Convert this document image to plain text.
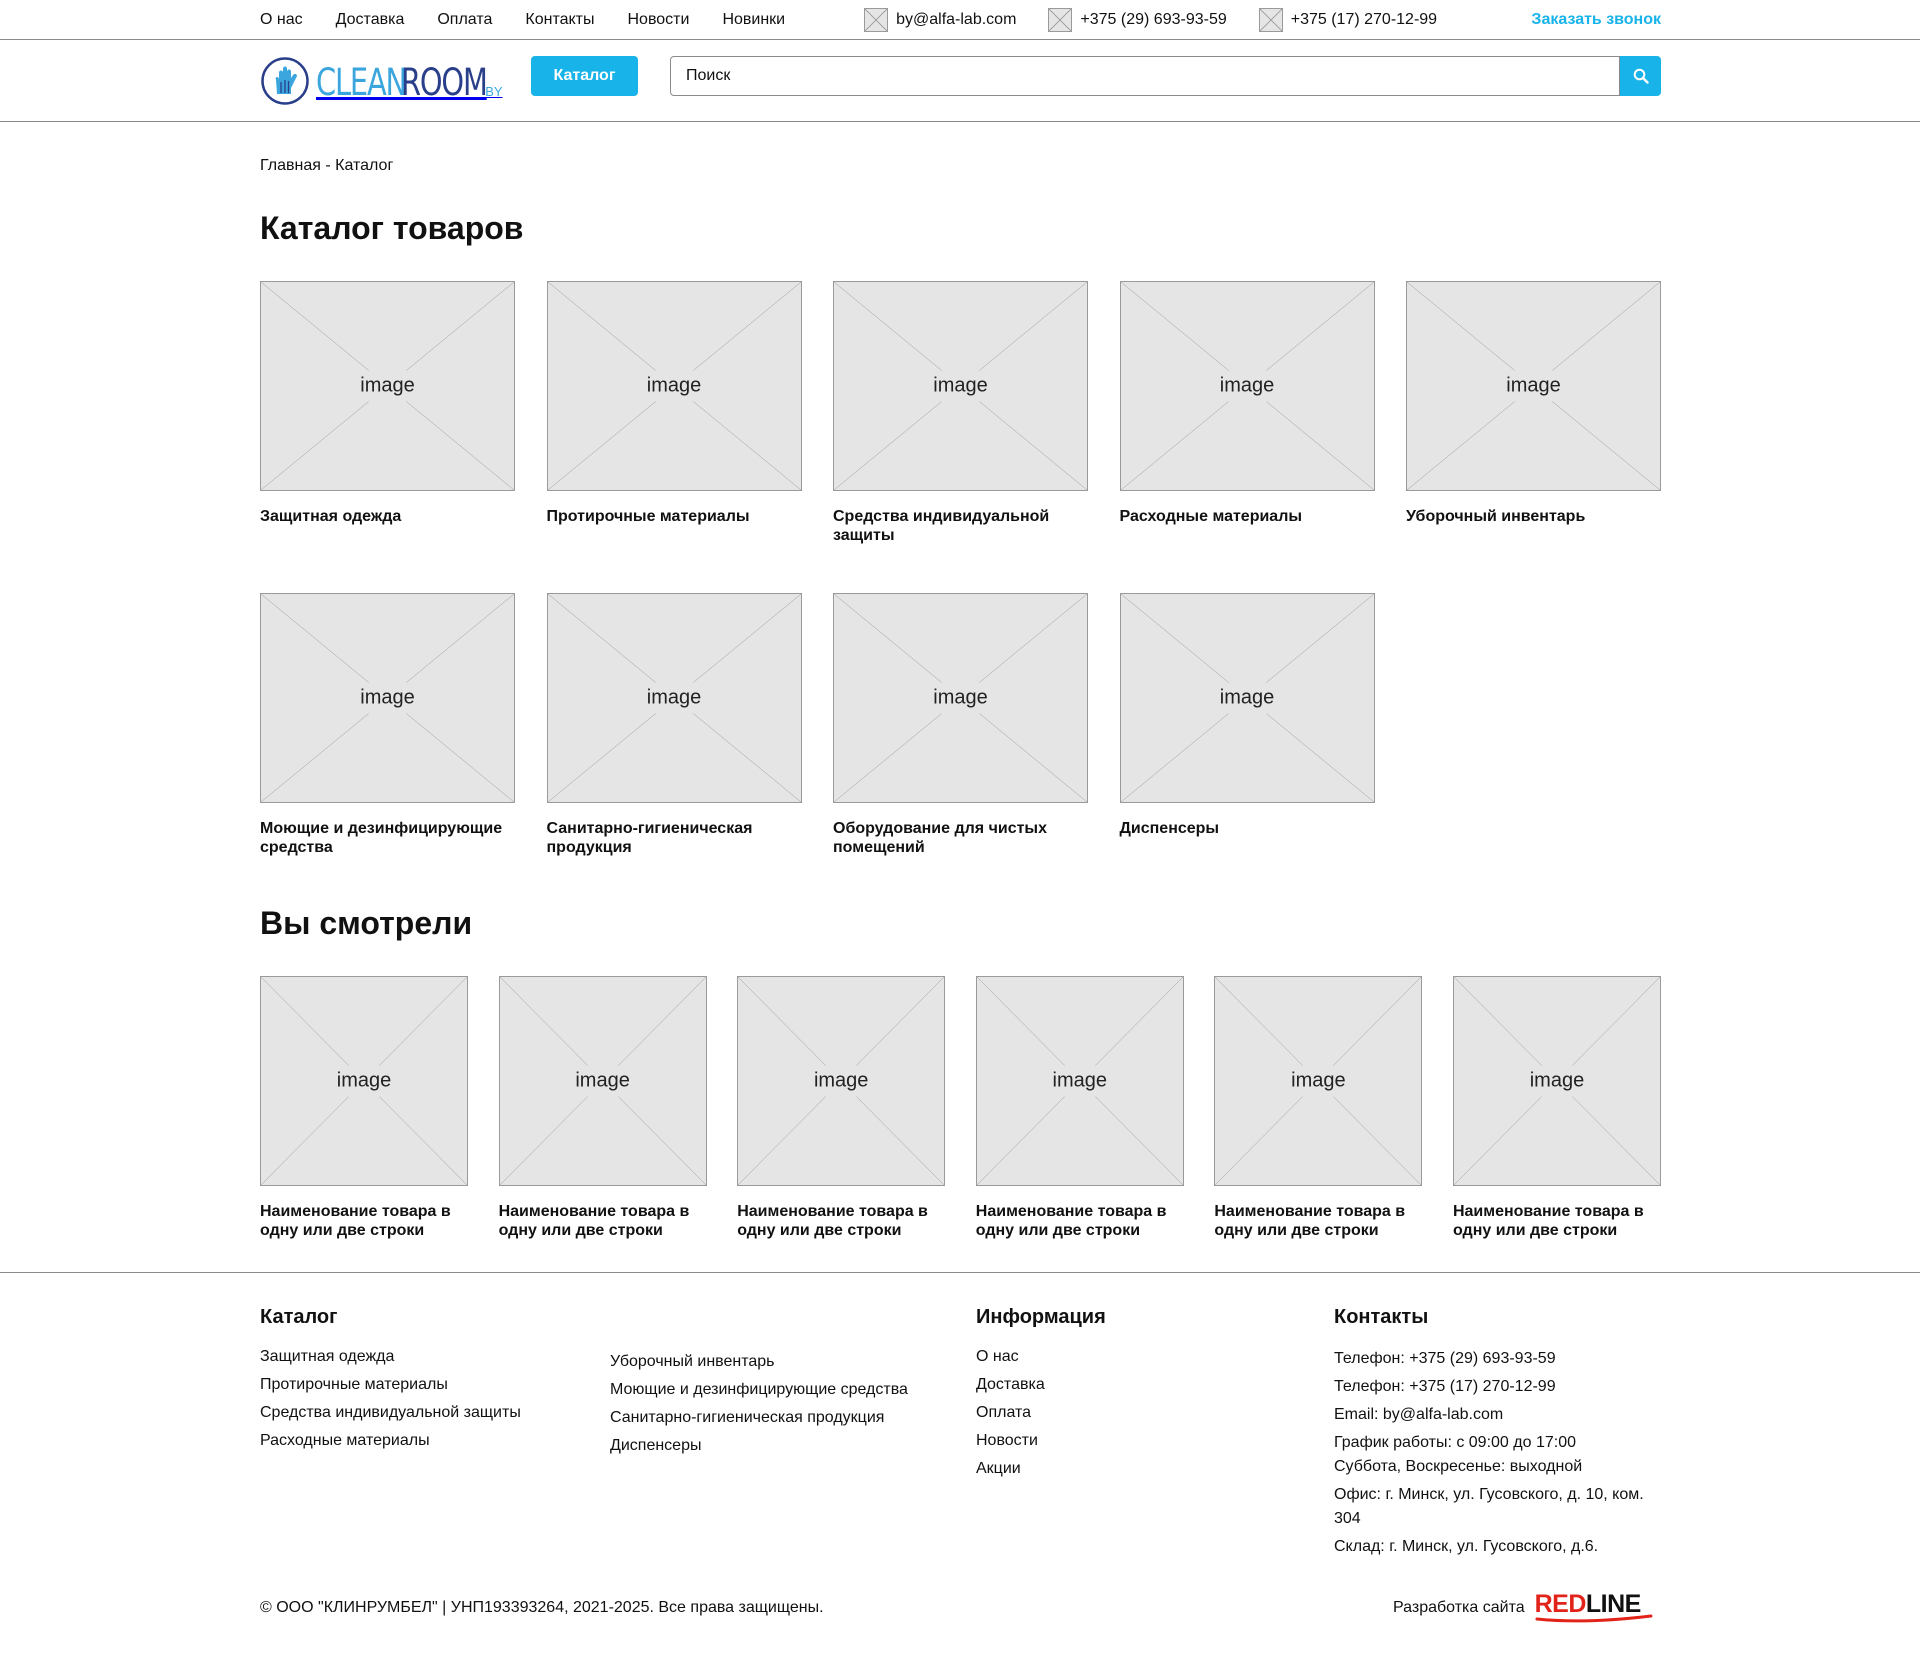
О нас Доставка Оплата Контакты Новости Новинки	by@alfa-lab.com	+375 (29) 693-93-59	+375 (17) 270-12-99	Заказать звонок
CLEAN
ROOM
BY
Каталог
Поиск
Главная - Каталог
Каталог товаров
image
Защитная одежда
image
Протирочные материалы
image
Средства индивидуальной защиты
image
Расходные материалы
image
Уборочный инвентарь
image
Моющие и дезинфицирующие средства
image
Санитарно-гигиеническая продукция
image
Оборудование для чистых помещений
image
Диспенсеры
Вы смотрели
image
Наименование товара в одну или две строки
image
Наименование товара в одну или две строки
image
Наименование товара в одну или две строки
image
Наименование товара в одну или две строки
image
Наименование товара в одну или две строки
image
Наименование товара в одну или две строки
Каталог
Защитная одежда
Протирочные материалы
Средства индивидуальной защиты
Расходные материалы
Уборочный инвентарь
Моющие и дезинфицирующие средства
Санитарно-гигиеническая продукция
Диспенсеры
Информация
О нас
Доставка
Оплата
Новости
Акции
Контакты
Телефон: +375 (29) 693-93-59
Телефон: +375 (17) 270-12-99
Email: by@alfa-lab.com
График работы: с 09:00 до 17:00 Суббота, Воскресенье: выходной
Офис: г. Минск, ул. Гусовского, д. 10, ком. 304
Склад: г. Минск, ул. Гусовского, д.6.
© ООО "КЛИНРУМБЕЛ" | УНП193393264, 2021-2025. Все права защищены.	Разработка сайта REDLINE
